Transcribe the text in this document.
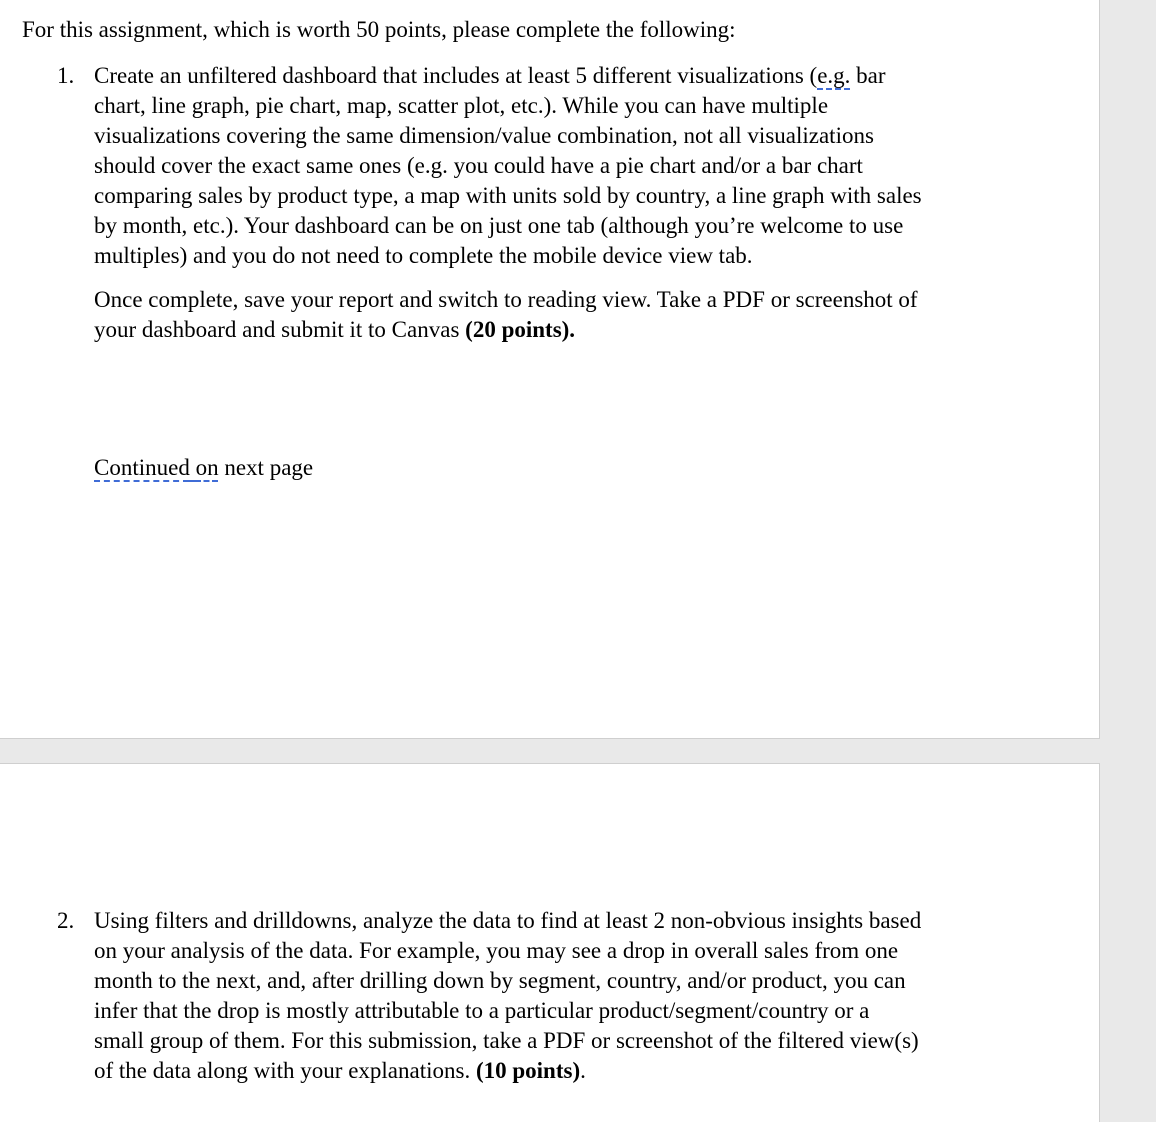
For this assignment, which is worth 50 points, please complete the following:
1. Create an unfiltered dashboard that includes at least 5 different visualizations (e.g. bar
chart, line graph, pie chart, map, scatter plot, etc.). While you can have multiple
visualizations covering the same dimension/value combination, not all visualizations
should cover the exact same ones (e.g. you could have a pie chart and/or a bar chart
comparing sales by product type, a map with units sold by country, a line graph with sales
by month, etc.). Your dashboard can be on just one tab (although you’re welcome to use
multiples) and you do not need to complete the mobile device view tab.
Once complete, save your report and switch to reading view. Take a PDF or screenshot of
your dashboard and submit it to Canvas (20 points).
Continued on next page
2. Using filters and drilldowns, analyze the data to find at least 2 non-obvious insights based
on your analysis of the data. For example, you may see a drop in overall sales from one
month to the next, and, after drilling down by segment, country, and/or product, you can
infer that the drop is mostly attributable to a particular product/segment/country or a
small group of them. For this submission, take a PDF or screenshot of the filtered view(s)
of the data along with your explanations. (10 points).
